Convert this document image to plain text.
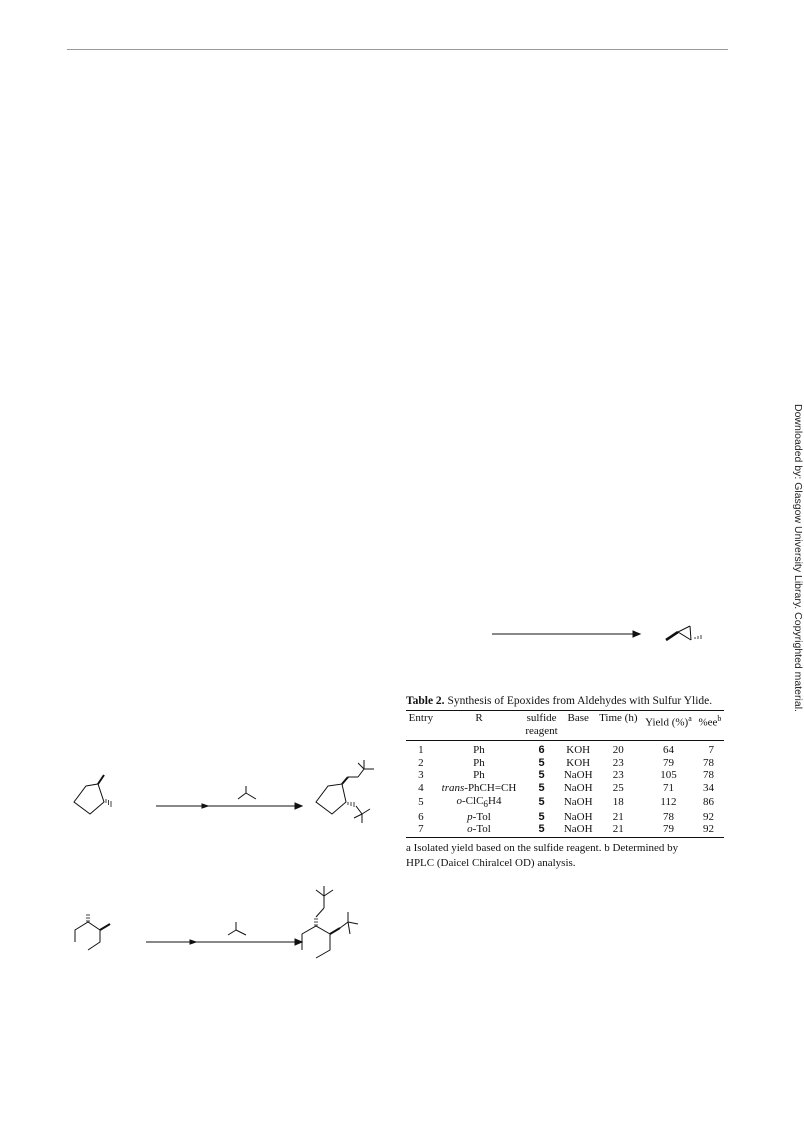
Downloaded by: Glasgow University Library. Copyrighted material.
Table 2. Synthesis of Epoxides from Aldehydes with Sulfur Ylide.
Entry	R	sulfide
reagent	Base	Time (h)	Yield (%)$^a$	$\%ee^b$
1	Ph	6	KOH	20	64	7
2	Ph	5	KOH	23	79	78
3	Ph	5	NaOH	23	105	78
4	trans-PhCH=CH	5	NaOH	25	71	34
5	o-ClC$_6$H4	5	NaOH	18	112	86
6	p-Tol	5	NaOH	21	78	92
7	o-Tol	5	NaOH	21	79	92
a Isolated yield based on the sulfide reagent. b Determined by
HPLC (Daicel Chiralcel OD) analysis.
